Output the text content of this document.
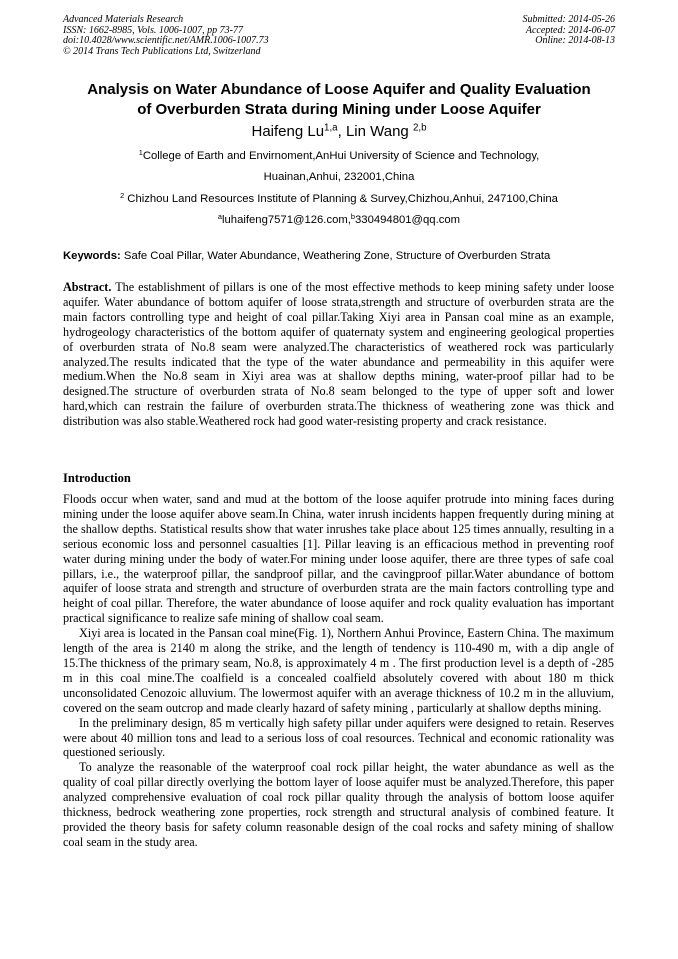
Advanced Materials Research
ISSN: 1662-8985, Vols. 1006-1007, pp 73-77
doi:10.4028/www.scientific.net/AMR.1006-1007.73
© 2014 Trans Tech Publications Ltd, Switzerland
Submitted: 2014-05-26
Accepted: 2014-06-07
Online: 2014-08-13
Analysis on Water Abundance of Loose Aquifer and Quality Evaluation
of Overburden Strata during Mining under Loose Aquifer
Haifeng Lu$^{1,a}$, Lin Wang $^{2,b}$
$^1$College of Earth and Envirnoment,AnHui University of Science and Technology,
Huainan,Anhui, 232001,China
$^2$ Chizhou Land Resources Institute of Planning & Survey,Chizhou,Anhui, 247100,China
$^a$luhaifeng7571@126.com,$^b$330494801@qq.com
Keywords: Safe Coal Pillar, Water Abundance, Weathering Zone, Structure of Overburden Strata
Abstract. The establishment of pillars is one of the most effective methods to keep mining safety under loose aquifer. Water abundance of bottom aquifer of loose strata,strength and structure of overburden strata are the main factors controlling type and height of coal pillar.Taking Xiyi area in Pansan coal mine as an example, hydrogeology characteristics of the bottom aquifer of quaternaty system and engineering geological properties of overburden strata of No.8 seam were analyzed.The characteristics of weathered rock was particularly analyzed.The results indicated that the type of the water abundance and permeability in this aquifer were medium.When the No.8 seam in Xiyi area was at shallow depths mining, water-proof pillar had to be designed.The structure of overburden strata of No.8 seam belonged to the type of upper soft and lower hard,which can restrain the failure of overburden strata.The thickness of weathering zone was thick and distribution was also stable.Weathered rock had good water-resisting property and crack resistance.
Introduction

Floods occur when water, sand and mud at the bottom of the loose aquifer protrude into mining faces during mining under the loose aquifer above seam.In China, water inrush incidents happen frequently during mining at the shallow depths. Statistical results show that water inrushes take place about 125 times annually, resulting in a serious economic loss and personnel casualties [1]. Pillar leaving is an efficacious method in preventing roof water during mining under the body of water.For mining under loose aquifer, there are three types of safe coal pillars, i.e., the waterproof pillar, the sandproof pillar, and the cavingproof pillar.Water abundance of bottom aquifer of loose strata and strength and structure of overburden strata are the main factors controlling type and height of coal pillar. Therefore, the water abundance of loose aquifer and rock quality evaluation has important practical significance to realize safe mining of shallow coal seam.

Xiyi area is located in the Pansan coal mine(Fig. 1), Northern Anhui Province, Eastern China. The maximum length of the area is 2140 m along the strike, and the length of tendency is 110-490 m, with a dip angle of 15.The thickness of the primary seam, No.8, is approximately 4 m . The first production level is a depth of -285 m in this coal mine.The coalfield is a concealed coalfield absolutely covered with about 180 m thick unconsolidated Cenozoic alluvium. The lowermost aquifer with an average thickness of 10.2 m in the alluvium, covered on the seam outcrop and made clearly hazard of safety mining , particularly at shallow depths mining.

In the preliminary design, 85 m vertically high safety pillar under aquifers were designed to retain. Reserves were about 40 million tons and lead to a serious loss of coal resources. Technical and economic rationality was questioned seriously.

To analyze the reasonable of the waterproof coal rock pillar height, the water abundance as well as the quality of coal pillar directly overlying the bottom layer of loose aquifer must be analyzed.Therefore, this paper analyzed comprehensive evaluation of coal rock pillar quality through the analysis of bottom loose aquifer thickness, bedrock weathering zone properties, rock strength and structural analysis of combined feature. It provided the theory basis for safety column reasonable design of the coal rocks and safety mining of shallow coal seam in the study area.
